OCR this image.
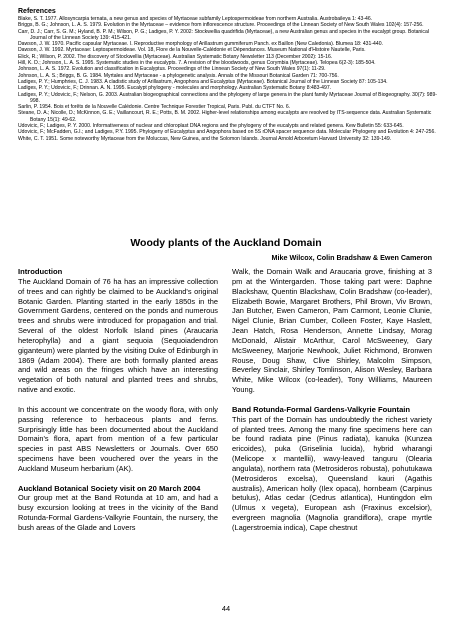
References

Blake, S. T. 1977. Allosyncarpia ternata, a new genus and species of Myrtaceae subfamily Leptospermoideae from northern Australia. Austrobaileya 1: 43-46.

Briggs, B. G.; Johnson, L. A. S. 1979. Evolution in the Myrtaceae – evidence from inflorescence structure. Proceedings of the Linnean Society of New South Wales 102(4): 157-256.

Carr, D. J.; Carr, S. G. M.; Hyland, B. P. M.; Wilson, P. G.; Ladiges, P. Y. 2002: Stockwellia quadrifida (Myrtaceae), a new Australian genus and species in the eucalypt group. Botanical Journal of the Linnean Society 139: 415-421.

Dawson, J. W. 1970. Pacific capsular Myrtaceae. I. Reproductive morphology of Arillastrum gummiferum Panch. ex Baillon (New Caledonia). Blumea 18: 431-440.

Dawson, J. W. 1992. Myrtaceae: Leptospermoideae. Vol. 18, Flore de la Nouvelle-Calédonie et Dépendances. Museum National d'Histoire Nautelle, Paris.

Elick, R.; Wilson, P. 2002. The discovery of Stockwellia (Myrtaceae). Australian Systematic Botany Newsletter 113 (December 2002): 15-16.

Hill, K. D.; Johnson, L. A. S. 1995. Systematic studies in the eucalypts. 7. A revision of the bloodwoods, genus Corymbia (Myrtaceae). Telopea 6(2-3): 185-504.

Johnson, L. A. S. 1972. Evolution and classification in Eucalyptus. Proceedings of the Linnean Society of New South Wales 97(1): 11-29.

Johnson, L. A. S.; Briggs, B. G. 1984. Myrtales and Myrtaceae - a phylogenetic analysis. Annals of the Missouri Botanical Garden 71: 700-756.

Ladiges, P. Y.; Humphries, C. J. 1983. A cladistic study of Arillastrum, Angophora and Eucalyptus (Myrtaceae). Botanical Journal of the Linnean Society 87: 105-134.

Ladiges, P. Y.; Udovicic, F.; Drinnan. A. N. 1995. Eucalypt phylogeny - molecules and morphology. Australian Systematic Botany 8:483-497.

Ladiges, P. Y.; Udovicic, F.; Nelson, G. 2003. Australian biogeographical connections and the phylogeny of large genera in the plant family Myrtaceae Journal of Biogeography. 30(7): 989-998.

Sarlin, P. 1954. Bois et forêts de la Nouvelle Calédonie. Centre Technique Forestier Tropical, Paris. Publ. du CTFT No. 6.

Steane, D. A.; Nicolle, D.; McKinnon, G. E.; Vaillancourt, R. E.; Potts, B. M. 2002. Higher-level relationships among eucalypts are resolved by ITS-sequence data. Australian Systematic Botany 15(1): 49-62.

Udovicic, F.; Ladiges, P. Y. 2000. Informativeness of nuclear and chloroplast DNA regions and the phylogeny of the eucalypts and related genera. Kew Bulletin 55: 633-645.

Udovicic, F.; McFadden, G.I.; and Ladiges, P.Y. 1995. Phylogeny of Eucalyptus and Angophora based on 5S rDNA spacer sequence data. Molecular Phylogeny and Evolution 4: 247-256.

White, C. T. 1951. Some noteworthy Myrtaceae from the Moluccas, New Guinea, and the Solomon Islands. Journal Arnold Arboretum Harvard University 32: 139-149.

Woody plants of the Auckland Domain

Mike Wilcox, Colin Bradshaw & Ewen Cameron

Introduction

The Auckland Domain of 76 ha has an impressive collection of trees and can rightly be claimed to be Auckland's original Botanic Garden. Planting started in the early 1850s in the Government Gardens, centered on the ponds and numerous trees and shrubs were introduced for propagation and trial. Several of the oldest Norfolk Island pines (Araucaria heterophylla) and a giant sequoia (Sequoiadendron giganteum) were planted by the visiting Duke of Edinburgh in 1869 (Adam 2004). There are both formally planted areas and wild areas on the fringes which have an interesting vegetation of both natural and planted trees and shrubs, native and exotic.

In this account we concentrate on the woody flora, with only passing reference to herbaceous plants and ferns. Surprisingly little has been documented about the Auckland Domain's flora, apart from mention of a few particular species in past ABS Newsletters or Journals. Over 650 specimens have been vouchered over the years in the Auckland Museum herbarium (AK).

Auckland Botanical Society visit on 20 March 2004

Our group met at the Band Rotunda at 10 am, and had a busy excursion looking at trees in the vicinity of the Band Rotunda-Formal Gardens-Valkyrie Fountain, the nursery, the bush areas of the Glade and Lovers

Walk, the Domain Walk and Araucaria grove, finishing at 3 pm at the Wintergarden. Those taking part were: Daphne Blackshaw, Quentin Blackshaw, Colin Bradshaw (co-leader), Elizabeth Bowie, Margaret Brothers, Phil Brown, Viv Brown, Jan Butcher, Ewen Cameron, Pam Carmont, Leonie Clunie, Nigel Clunie, Brian Cumber, Colleen Foster, Kaye Haslett, Jean Hatch, Rosa Henderson, Annette Lindsay, Morag McDonald, Alistair McArthur, Carol McSweeney, Gary McSweeney, Marjorie Newhook, Juliet Richmond, Bronwen Rouse, Doug Shaw, Clive Shirley, Malcolm Simpson, Beverley Sinclair, Shirley Tomlinson, Alison Wesley, Barbara White, Mike Wilcox (co-leader), Tony Williams, Maureen Young.

Band Rotunda-Formal Gardens-Valkyrie Fountain

This part of the Domain has undoubtedly the richest variety of planted trees. Among the many fine specimens here can be found radiata pine (Pinus radiata), kanuka (Kunzea ericoides), puka (Griselinia lucida), hybrid wharangi (Melicope x mantellii), wavy-leaved tanguru (Olearia angulata), northern rata (Metrosideros robusta), pohutukawa (Metrosideros excelsa), Queensland kauri (Agathis australis), American holly (Ilex opaca), hornbeam (Carpinus betulus), Atlas cedar (Cedrus atlantica), Huntingdon elm (Ulmus x vegeta), European ash (Fraxinus excelsior), evergreen magnolia (Magnolia grandiflora), crape myrtle (Lagerstroemia indica), Cape chestnut

44
